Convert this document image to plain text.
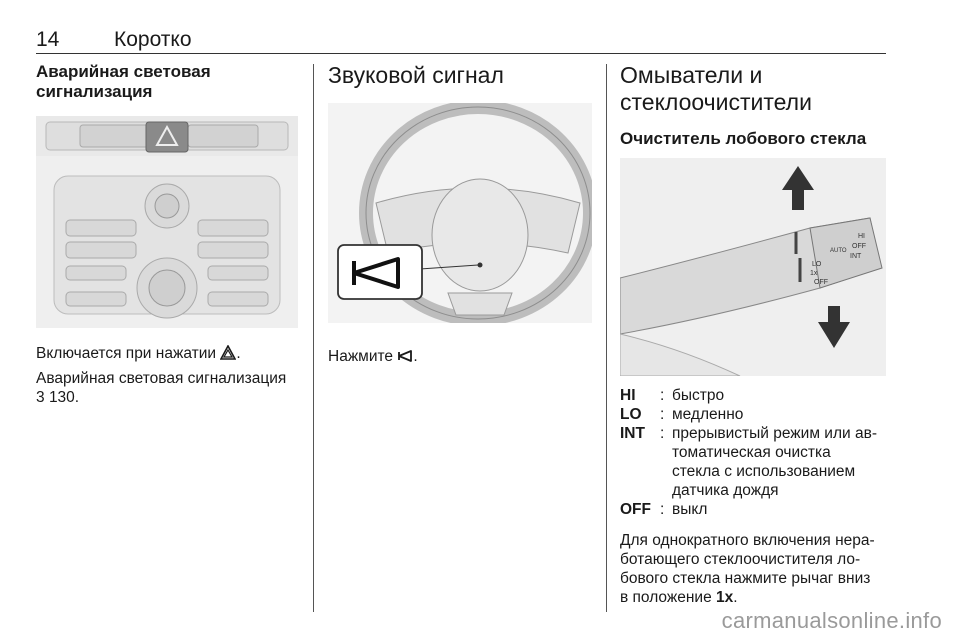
14	Коротко
Аварийная световая сигнализация

Включается при нажатии .

Аварийная световая сигнализация
3 130.

Звуковой сигнал

Нажмите .

Омыватели и
стеклоочистители
Очиститель лобового стекла
LO
1x
OFF
HI
OFF
INT
AUTO
HI	: быстро
LO	: медленно
INT : прерывистый режим или ав-
томатическая очистка
стекла с использованием
датчика дождя
OFF : выкл

Для однократного включения нера-
ботающего стеклоочистителя ло-
бового стекла нажмите рычаг вниз
в положение 1x.

carmanualsonline.info
